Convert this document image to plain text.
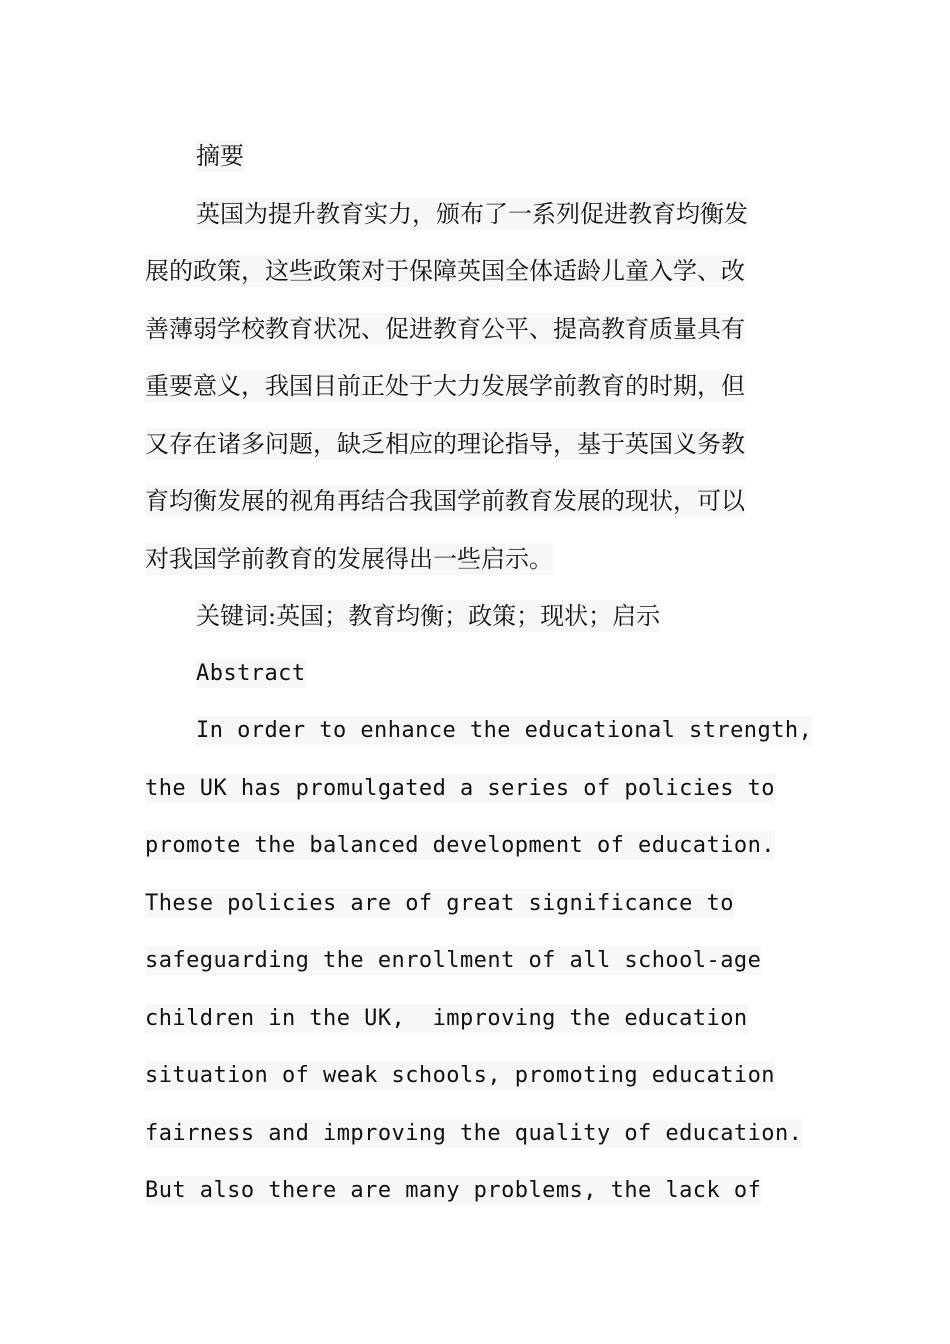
摘要
英国为提升教育实力，颁布了一系列促进教育均衡发
展的政策，这些政策对于保障英国全体适龄儿童入学、改
善薄弱学校教育状况、促进教育公平、提高教育质量具有
重要意义，我国目前正处于大力发展学前教育的时期，但
又存在诸多问题，缺乏相应的理论指导，基于英国义务教
育均衡发展的视角再结合我国学前教育发展的现状，可以
对我国学前教育的发展得出一些启示。
关键词:英国；教育均衡；政策；现状；启示
Abstract
In order to enhance the educational strength,
the UK has promulgated a series of policies to
promote the balanced development of education.
These policies are of great significance to
safeguarding the enrollment of all school-age
children in the UK,  improving the education
situation of weak schools, promoting education
fairness and improving the quality of education.
But also there are many problems, the lack of
